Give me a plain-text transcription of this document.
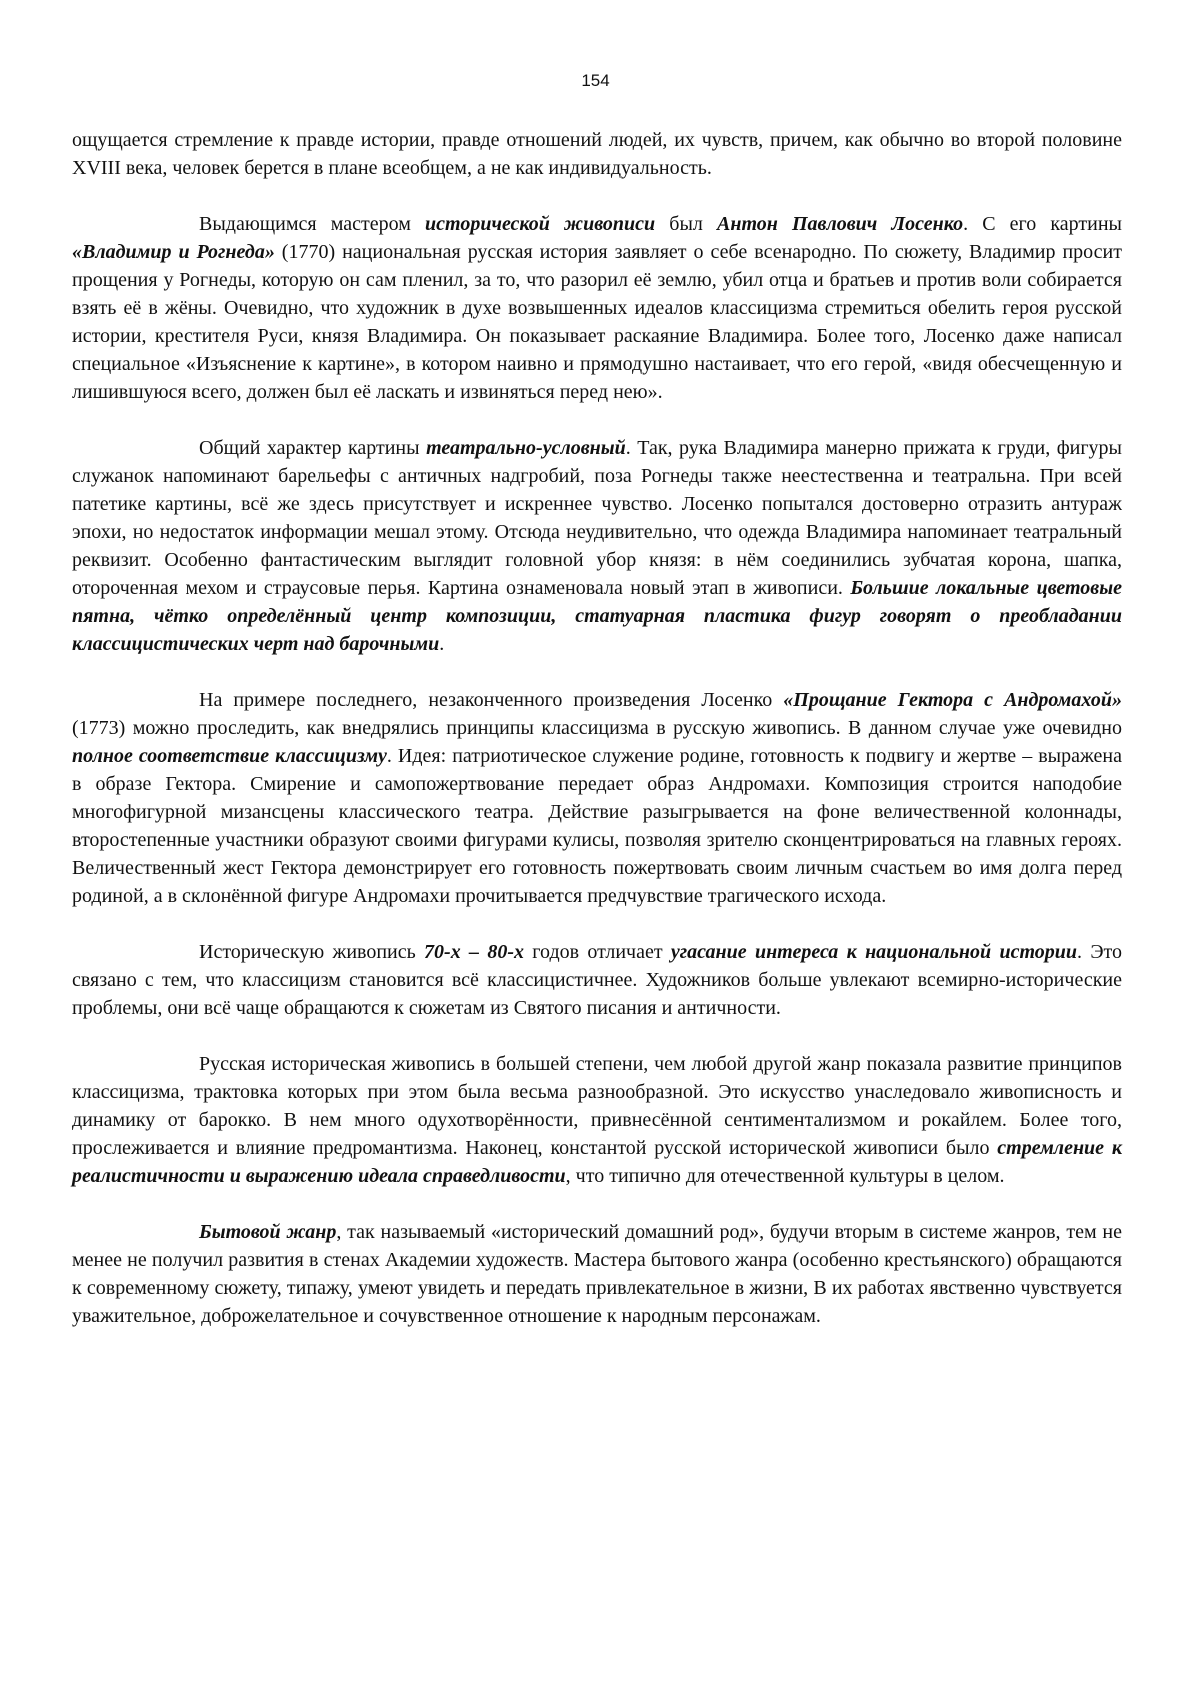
154

ощущается стремление к правде истории, правде отношений людей, их чувств, причем, как обычно во второй половине XVIII века, человек берется в плане всеобщем, а не как индивидуальность.

Выдающимся мастером исторической живописи был Антон Павлович Лосенко. С его картины «Владимир и Рогнеда» (1770) национальная русская история заявляет о себе всенародно. По сюжету, Владимир просит прощения у Рогнеды, которую он сам пленил, за то, что разорил её землю, убил отца и братьев и против воли собирается взять её в жёны. Очевидно, что художник в духе возвышенных идеалов классицизма стремиться обелить героя русской истории, крестителя Руси, князя Владимира. Он показывает раскаяние Владимира. Более того, Лосенко даже написал специальное «Изъяснение к картине», в котором наивно и прямодушно настаивает, что его герой, «видя обесчещенную и лишившуюся всего, должен был её ласкать и извиняться перед нею».

Общий характер картины театрально-условный. Так, рука Владимира манерно прижата к груди, фигуры служанок напоминают барельефы с античных надгробий, поза Рогнеды также неестественна и театральна. При всей патетике картины, всё же здесь присутствует и искреннее чувство. Лосенко попытался достоверно отразить антураж эпохи, но недостаток информации мешал этому. Отсюда неудивительно, что одежда Владимира напоминает театральный реквизит. Особенно фантастическим выглядит головной убор князя: в нём соединились зубчатая корона, шапка, отороченная мехом и страусовые перья. Картина ознаменовала новый этап в живописи. Большие локальные цветовые пятна, чётко определённый центр композиции, статуарная пластика фигур говорят о преобладании классицистических черт над барочными.

На примере последнего, незаконченного произведения Лосенко «Прощание Гектора с Андромахой» (1773) можно проследить, как внедрялись принципы классицизма в русскую живопись. В данном случае уже очевидно полное соответствие классицизму. Идея: патриотическое служение родине, готовность к подвигу и жертве – выражена в образе Гектора. Смирение и самопожертвование передает образ Андромахи. Композиция строится наподобие многофигурной мизансцены классического театра. Действие разыгрывается на фоне величественной колоннады, второстепенные участники образуют своими фигурами кулисы, позволяя зрителю сконцентрироваться на главных героях. Величественный жест Гектора демонстрирует его готовность пожертвовать своим личным счастьем во имя долга перед родиной, а в склонённой фигуре Андромахи прочитывается предчувствие трагического исхода.

Историческую живопись 70-х – 80-х годов отличает угасание интереса к национальной истории. Это связано с тем, что классицизм становится всё классицистичнее. Художников больше увлекают всемирно-исторические проблемы, они всё чаще обращаются к сюжетам из Святого писания и античности.

Русская историческая живопись в большей степени, чем любой другой жанр показала развитие принципов классицизма, трактовка которых при этом была весьма разнообразной. Это искусство унаследовало живописность и динамику от барокко. В нем много одухотворённости, привнесённой сентиментализмом и рокайлем. Более того, прослеживается и влияние предромантизма. Наконец, константой русской исторической живописи было стремление к реалистичности и выражению идеала справедливости, что типично для отечественной культуры в целом.

Бытовой жанр, так называемый «исторический домашний род», будучи вторым в системе жанров, тем не менее не получил развития в стенах Академии художеств. Мастера бытового жанра (особенно крестьянского) обращаются к современному сюжету, типажу, умеют увидеть и передать привлекательное в жизни, В их работах явственно чувствуется уважительное, доброжелательное и сочувственное отношение к народным персонажам.
